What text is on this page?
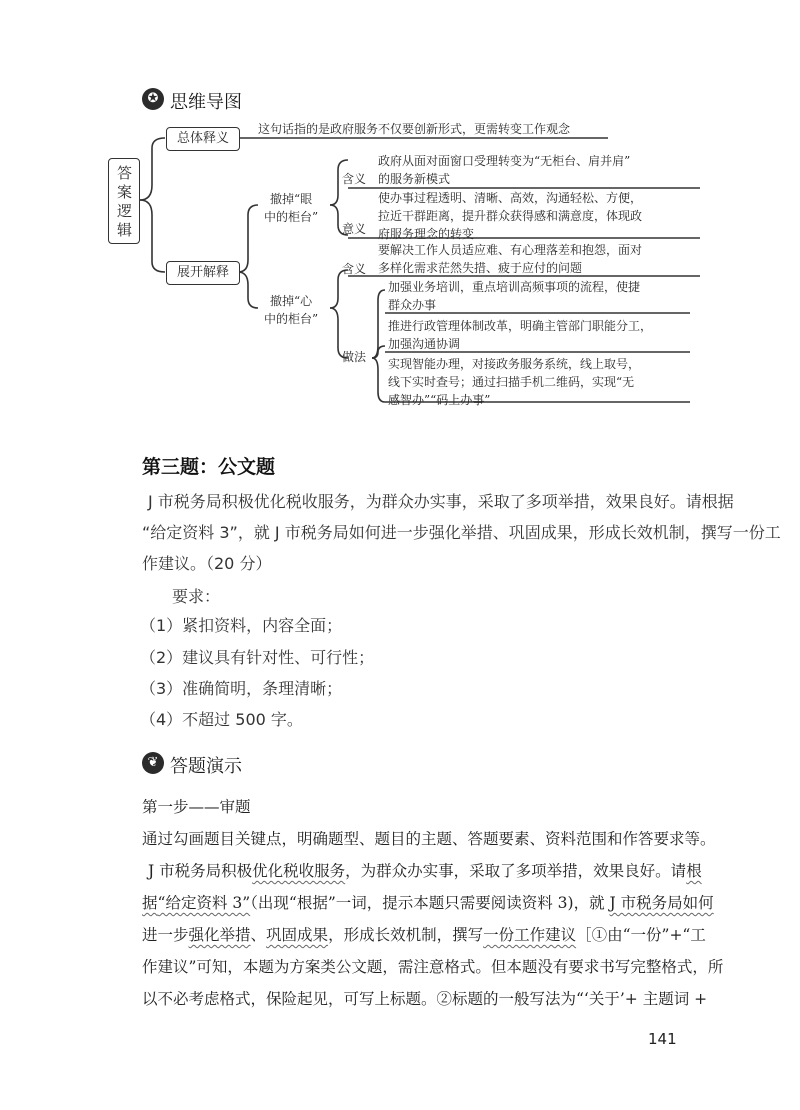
✪ 思维导图
答案逻辑
总体释义
这句话指的是政府服务不仅要创新形式，更需转变工作观念
展开解释
撤掉“眼
中的柜台”
含义
政府从面对面窗口受理转变为“无柜台、肩并肩”
的服务新模式
意义
使办事过程透明、清晰、高效，沟通轻松、方便，
拉近干群距离，提升群众获得感和满意度，体现政
府服务理念的转变
撤掉“心
中的柜台”
含义
要解决工作人员适应难、有心理落差和抱怨，面对
多样化需求茫然失措、疲于应付的问题
做法
加强业务培训，重点培训高频事项的流程，使捷
群众办事
推进行政管理体制改革，明确主管部门职能分工，
加强沟通协调
实现智能办理，对接政务服务系统，线上取号，
线下实时查号；通过扫描手机二维码，实现“无
感智办”“码上办事”
第三题：公文题
J 市税务局积极优化税收服务，为群众办实事，采取了多项举措，效果良好。请根据
“给定资料 3”，就 J 市税务局如何进一步强化举措、巩固成果，形成长效机制，撰写一份工
作建议。（20 分）
要求：
（1）紧扣资料，内容全面；
（2）建议具有针对性、可行性；
（3）准确简明，条理清晰；
（4）不超过 500 字。
❦ 答题演示
第一步——审题
通过勾画题目关键点，明确题型、题目的主题、答题要素、资料范围和作答要求等。
J 市税务局积极优化税收服务，为群众办实事，采取了多项举措，效果良好。请根
据“给定资料 3”（出现“根据”一词，提示本题只需要阅读资料 3)，就 J 市税务局如何
进一步强化举措、巩固成果，形成长效机制，撰写一份工作建议［①由“一份”+“工
作建议”可知，本题为方案类公文题，需注意格式。但本题没有要求书写完整格式，所
以不必考虑格式，保险起见，可写上标题。②标题的一般写法为“‘关于’+ 主题词 +
141
